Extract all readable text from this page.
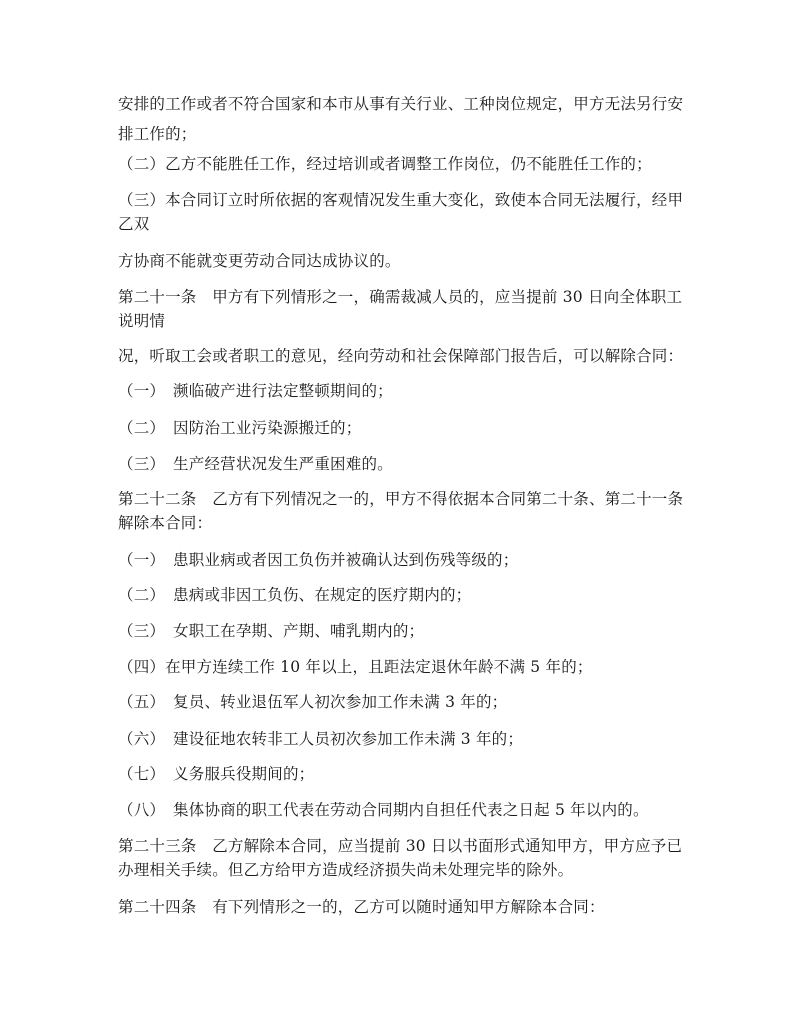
安排的工作或者不符合国家和本市从事有关行业、工种岗位规定，甲方无法另行安
排工作的；
（二）乙方不能胜任工作，经过培训或者调整工作岗位，仍不能胜任工作的；
（三）本合同订立时所依据的客观情况发生重大变化，致使本合同无法履行，经甲
乙双
方协商不能就变更劳动合同达成协议的。
第二十一条　甲方有下列情形之一，确需裁减人员的，应当提前 30 日向全体职工
说明情
况，听取工会或者职工的意见，经向劳动和社会保障部门报告后，可以解除合同：
（一）　濒临破产进行法定整顿期间的；
（二）　因防治工业污染源搬迁的；
（三）　生产经营状况发生严重困难的。
第二十二条　乙方有下列情况之一的，甲方不得依据本合同第二十条、第二十一条
解除本合同：
（一）　患职业病或者因工负伤并被确认达到伤残等级的；
（二）　患病或非因工负伤、在规定的医疗期内的；
（三）　女职工在孕期、产期、哺乳期内的；
（四）在甲方连续工作 10 年以上，且距法定退休年龄不满 5 年的；
（五）　复员、转业退伍军人初次参加工作未满 3 年的；
（六）　建设征地农转非工人员初次参加工作未满 3 年的；
（七）　义务服兵役期间的；
（八）　集体协商的职工代表在劳动合同期内自担任代表之日起 5 年以内的。
第二十三条　乙方解除本合同，应当提前 30 日以书面形式通知甲方，甲方应予已
办理相关手续。但乙方给甲方造成经济损失尚未处理完毕的除外。
第二十四条　有下列情形之一的，乙方可以随时通知甲方解除本合同：
